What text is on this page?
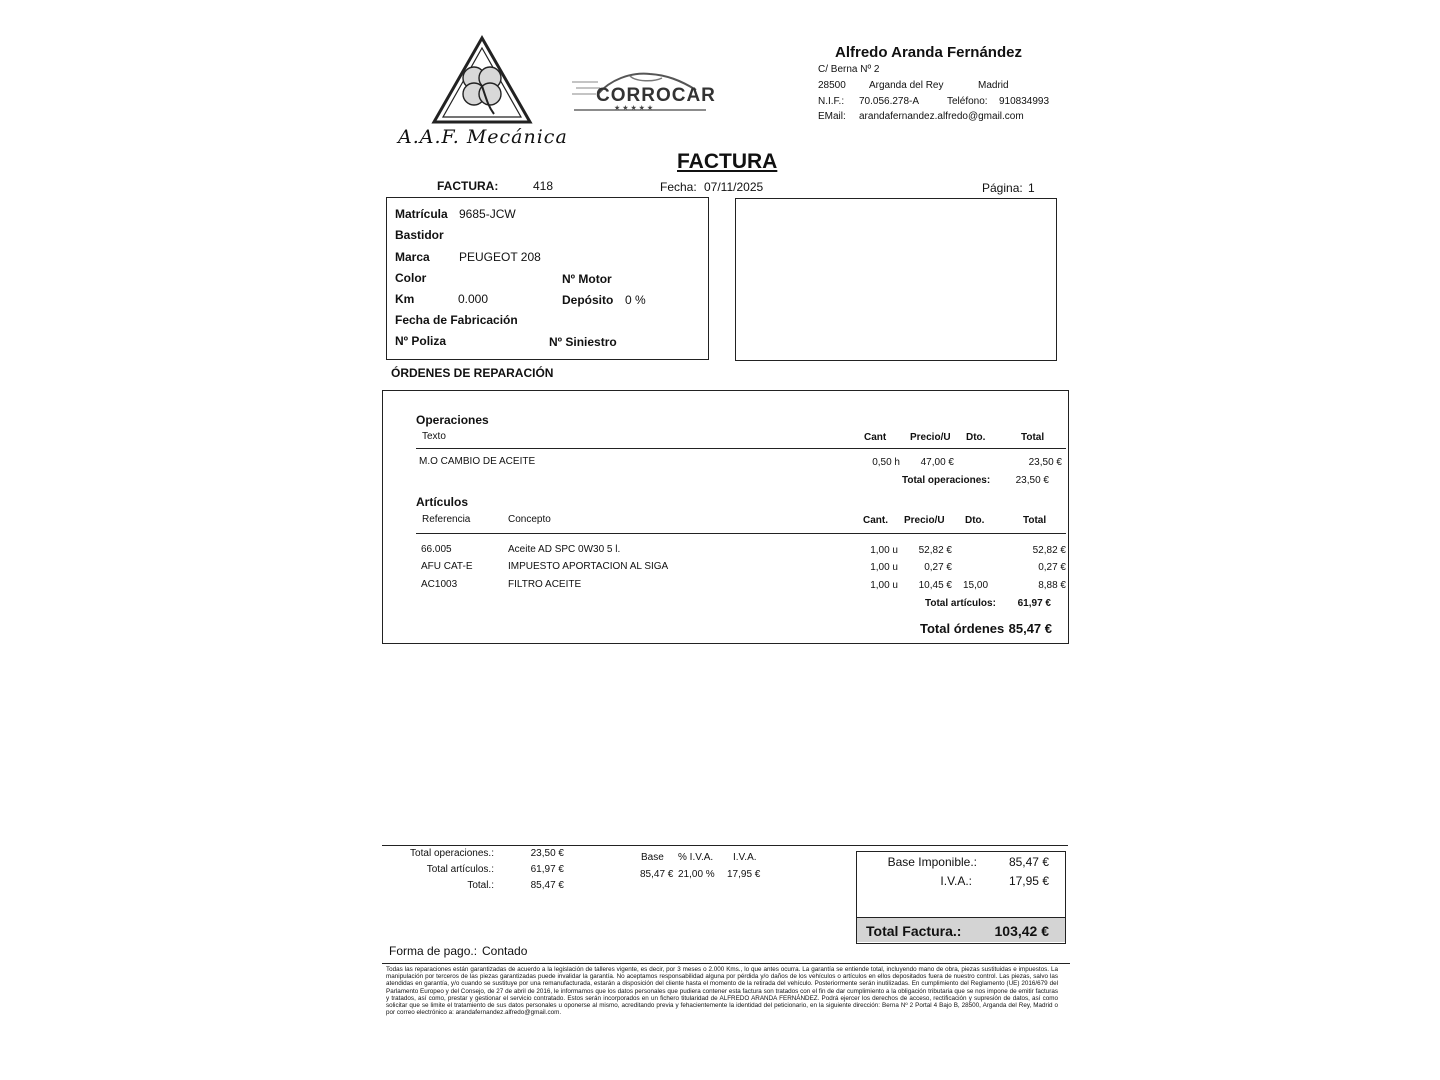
A.A.F. Mecánica
CORROCAR
★ ★ ★ ★ ★
Alfredo Aranda Fernández
C/ Berna Nº 2
28500 Arganda del Rey	Madrid
N.I.F.: 70.056.278-A	Teléfono: 910834993
EMail: arandafernandez.alfredo@gmail.com
FACTURA
FACTURA:	418	Fecha: 07/11/2025	Página: 1
Matrícula 9685-JCW
Bastidor
Marca PEUGEOT 208
Color	Nº Motor
Km	0.000	Depósito 0 %
Fecha de Fabricación
Nº Poliza	Nº Siniestro
ÓRDENES DE REPARACIÓN
Operaciones
Texto	Cant Precio/U Dto.	Total
M.O CAMBIO DE ACEITE	0,50 h	47,00 €	23,50 €
Total operaciones:	23,50 €
Artículos
Referencia	Concepto	Cant. Precio/U Dto.	Total
66.005	Aceite AD SPC 0W30 5 l.	1,00 u	52,82 €	52,82 €
AFU CAT-E	IMPUESTO APORTACION AL SIGA	1,00 u	0,27 €	0,27 €
AC1003	FILTRO ACEITE	1,00 u	10,45 € 15,00	8,88 €
Total artículos:	61,97 €
Total órdenes 85,47 €
Total operaciones.:	23,50 €
Total artículos.:	61,97 €
Total.:	85,47 €
Base % I.V.A. I.V.A.
85,47 € 21,00 % 17,95 €
Base Imponible.:	85,47 €
I.V.A.:	17,95 €
Total Factura.:	103,42 €
Forma de pago.: Contado
Todas las reparaciones están garantizadas de acuerdo a la legislación de talleres vigente, es decir, por 3 meses o 2.000 Kms., lo que antes ocurra. La garantía se entiende total, incluyendo mano de obra, piezas sustituidas e impuestos. La manipulación por terceros de las piezas garantizadas puede invalidar la garantía. No aceptamos responsabilidad alguna por pérdida y/o daños de los vehículos o artículos en ellos depositados fuera de nuestro control. Las piezas, salvo las atendidas en garantía, y/o cuando se sustituye por una remanufacturada, estarán a disposición del cliente hasta el momento de la retirada del vehículo. Posteriormente serán inutilizadas. En cumplimiento del Reglamento (UE) 2016/679 del Parlamento Europeo y del Consejo, de 27 de abril de 2016, le informamos que los datos personales que pudiera contener esta factura son tratados con el fin de dar cumplimiento a la obligación tributaria que se nos impone de emitir facturas y tratados, así como, prestar y gestionar el servicio contratado. Estos serán incorporados en un fichero titularidad de ALFREDO ARANDA FERNÁNDEZ. Podrá ejercer los derechos de acceso, rectificación y supresión de datos, así como solicitar que se limite el tratamiento de sus datos personales u oponerse al mismo, acreditando previa y fehacientemente la identidad del peticionario, en la siguiente dirección: Berna Nº 2 Portal 4 Bajo B, 28500, Arganda del Rey, Madrid o por correo electrónico a: arandafernandez.alfredo@gmail.com.
